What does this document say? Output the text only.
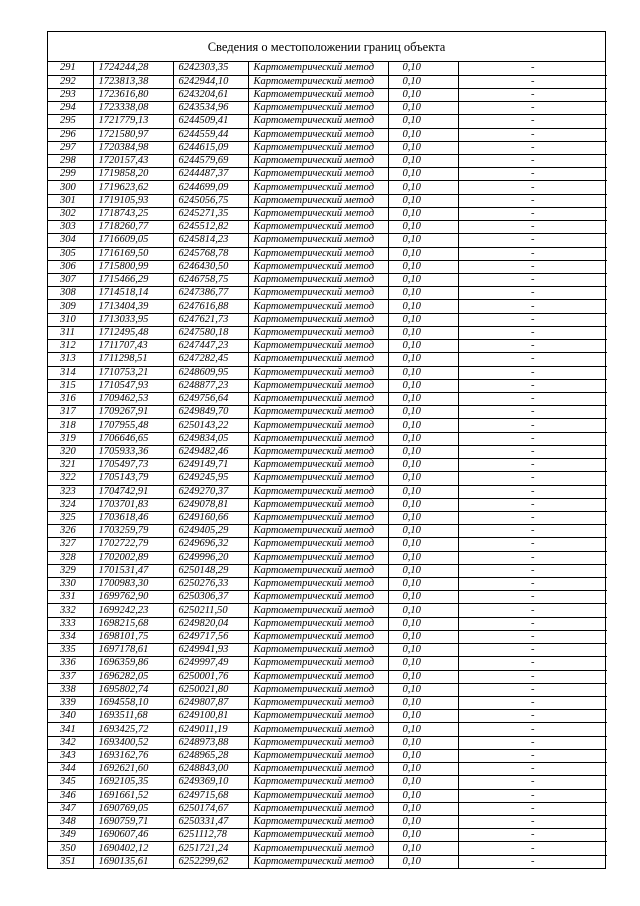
Сведения о местоположении границ объекта
291	1724244,28	6242303,35	Картометрический метод	0,10	-
292	1723813,38	6242944,10	Картометрический метод	0,10	-
293	1723616,80	6243204,61	Картометрический метод	0,10	-
294	1723338,08	6243534,96	Картометрический метод	0,10	-
295	1721779,13	6244509,41	Картометрический метод	0,10	-
296	1721580,97	6244559,44	Картометрический метод	0,10	-
297	1720384,98	6244615,09	Картометрический метод	0,10	-
298	1720157,43	6244579,69	Картометрический метод	0,10	-
299	1719858,20	6244487,37	Картометрический метод	0,10	-
300	1719623,62	6244699,09	Картометрический метод	0,10	-
301	1719105,93	6245056,75	Картометрический метод	0,10	-
302	1718743,25	6245271,35	Картометрический метод	0,10	-
303	1718260,77	6245512,82	Картометрический метод	0,10	-
304	1716609,05	6245814,23	Картометрический метод	0,10	-
305	1716169,50	6245768,78	Картометрический метод	0,10	-
306	1715800,99	6246430,50	Картометрический метод	0,10	-
307	1715466,29	6246758,75	Картометрический метод	0,10	-
308	1714518,14	6247386,77	Картометрический метод	0,10	-
309	1713404,39	6247616,88	Картометрический метод	0,10	-
310	1713033,95	6247621,73	Картометрический метод	0,10	-
311	1712495,48	6247580,18	Картометрический метод	0,10	-
312	1711707,43	6247447,23	Картометрический метод	0,10	-
313	1711298,51	6247282,45	Картометрический метод	0,10	-
314	1710753,21	6248609,95	Картометрический метод	0,10	-
315	1710547,93	6248877,23	Картометрический метод	0,10	-
316	1709462,53	6249756,64	Картометрический метод	0,10	-
317	1709267,91	6249849,70	Картометрический метод	0,10	-
318	1707955,48	6250143,22	Картометрический метод	0,10	-
319	1706646,65	6249834,05	Картометрический метод	0,10	-
320	1705933,36	6249482,46	Картометрический метод	0,10	-
321	1705497,73	6249149,71	Картометрический метод	0,10	-
322	1705143,79	6249245,95	Картометрический метод	0,10	-
323	1704742,91	6249270,37	Картометрический метод	0,10	-
324	1703701,83	6249078,81	Картометрический метод	0,10	-
325	1703618,46	6249160,66	Картометрический метод	0,10	-
326	1703259,79	6249405,29	Картометрический метод	0,10	-
327	1702722,79	6249696,32	Картометрический метод	0,10	-
328	1702002,89	6249996,20	Картометрический метод	0,10	-
329	1701531,47	6250148,29	Картометрический метод	0,10	-
330	1700983,30	6250276,33	Картометрический метод	0,10	-
331	1699762,90	6250306,37	Картометрический метод	0,10	-
332	1699242,23	6250211,50	Картометрический метод	0,10	-
333	1698215,68	6249820,04	Картометрический метод	0,10	-
334	1698101,75	6249717,56	Картометрический метод	0,10	-
335	1697178,61	6249941,93	Картометрический метод	0,10	-
336	1696359,86	6249997,49	Картометрический метод	0,10	-
337	1696282,05	6250001,76	Картометрический метод	0,10	-
338	1695802,74	6250021,80	Картометрический метод	0,10	-
339	1694558,10	6249807,87	Картометрический метод	0,10	-
340	1693511,68	6249100,81	Картометрический метод	0,10	-
341	1693425,72	6249011,19	Картометрический метод	0,10	-
342	1693400,52	6248973,88	Картометрический метод	0,10	-
343	1693162,76	6248965,28	Картометрический метод	0,10	-
344	1692621,60	6248843,00	Картометрический метод	0,10	-
345	1692105,35	6249369,10	Картометрический метод	0,10	-
346	1691661,52	6249715,68	Картометрический метод	0,10	-
347	1690769,05	6250174,67	Картометрический метод	0,10	-
348	1690759,71	6250331,47	Картометрический метод	0,10	-
349	1690607,46	6251112,78	Картометрический метод	0,10	-
350	1690402,12	6251721,24	Картометрический метод	0,10	-
351	1690135,61	6252299,62	Картометрический метод	0,10	-
